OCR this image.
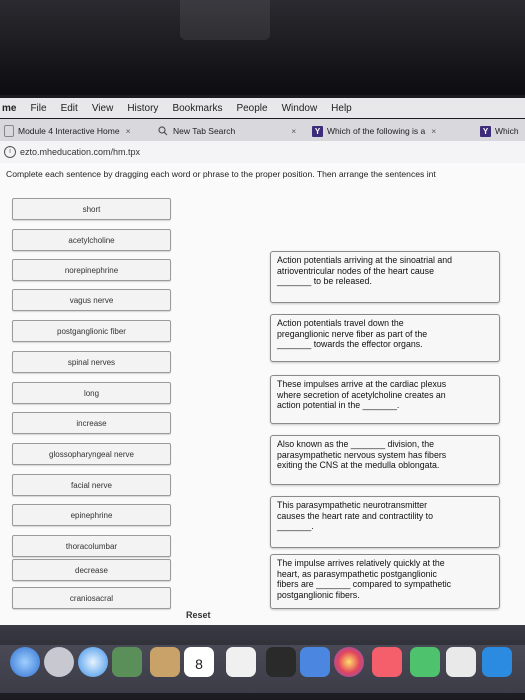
me File Edit View History Bookmarks People Window Help
Module 4 Interactive Home ×	New Tab Search	×	Y Which of the following is a ×	Y Which
i	ezto.mheducation.com/hm.tpx
Complete each sentence by dragging each word or phrase to the proper position. Then arrange the sentences int
short
acetylcholine
norepinephrine
vagus nerve
postganglionic fiber
spinal nerves
long
increase
glossopharyngeal nerve
facial nerve
epinephrine
thoracolumbar
decrease
craniosacral
Action potentials arriving at the sinoatrial and
atrioventricular nodes of the heart cause
_______ to be released.
Action potentials travel down the
preganglionic nerve fiber as part of the
_______ towards the effector organs.
These impulses arrive at the cardiac plexus
where secretion of acetylcholine creates an
action potential in the _______.
Also known as the _______ division, the
parasympathetic nervous system has fibers
exiting the CNS at the medulla oblongata.
This parasympathetic neurotransmitter
causes the heart rate and contractility to
_______.
The impulse arrives relatively quickly at the
heart, as parasympathetic postganglionic
fibers are _______ compared to sympathetic
postganglionic fibers.
Reset
8
